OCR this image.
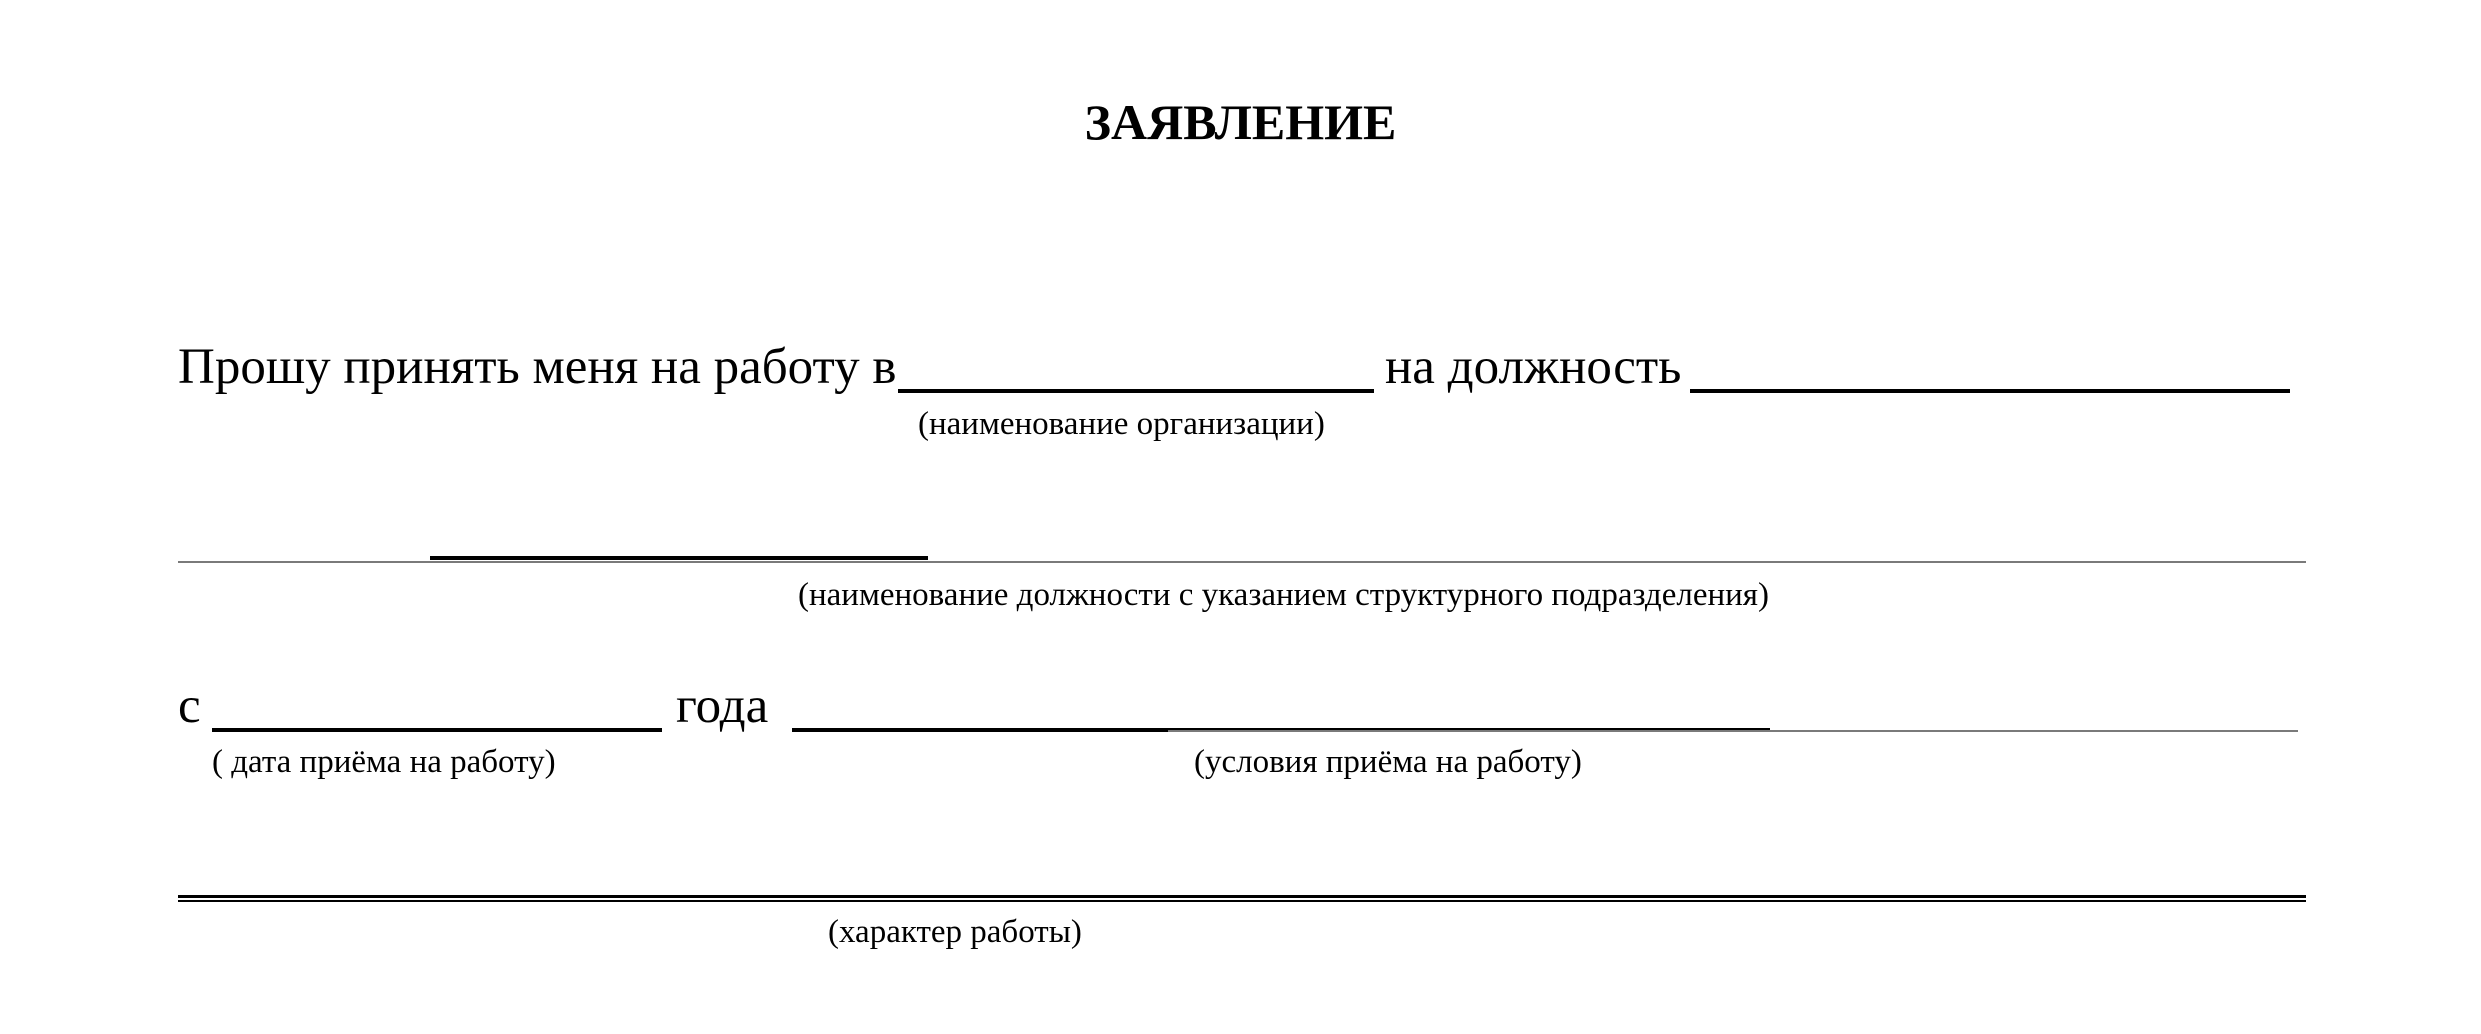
ЗАЯВЛЕНИЕ
Прошу принять меня на работу в	на должность
(наименование организации)
(наименование должности с указанием структурного подразделения)
с	года
( дата приёма на работу)	(условия приёма на работу)
(характер работы)
